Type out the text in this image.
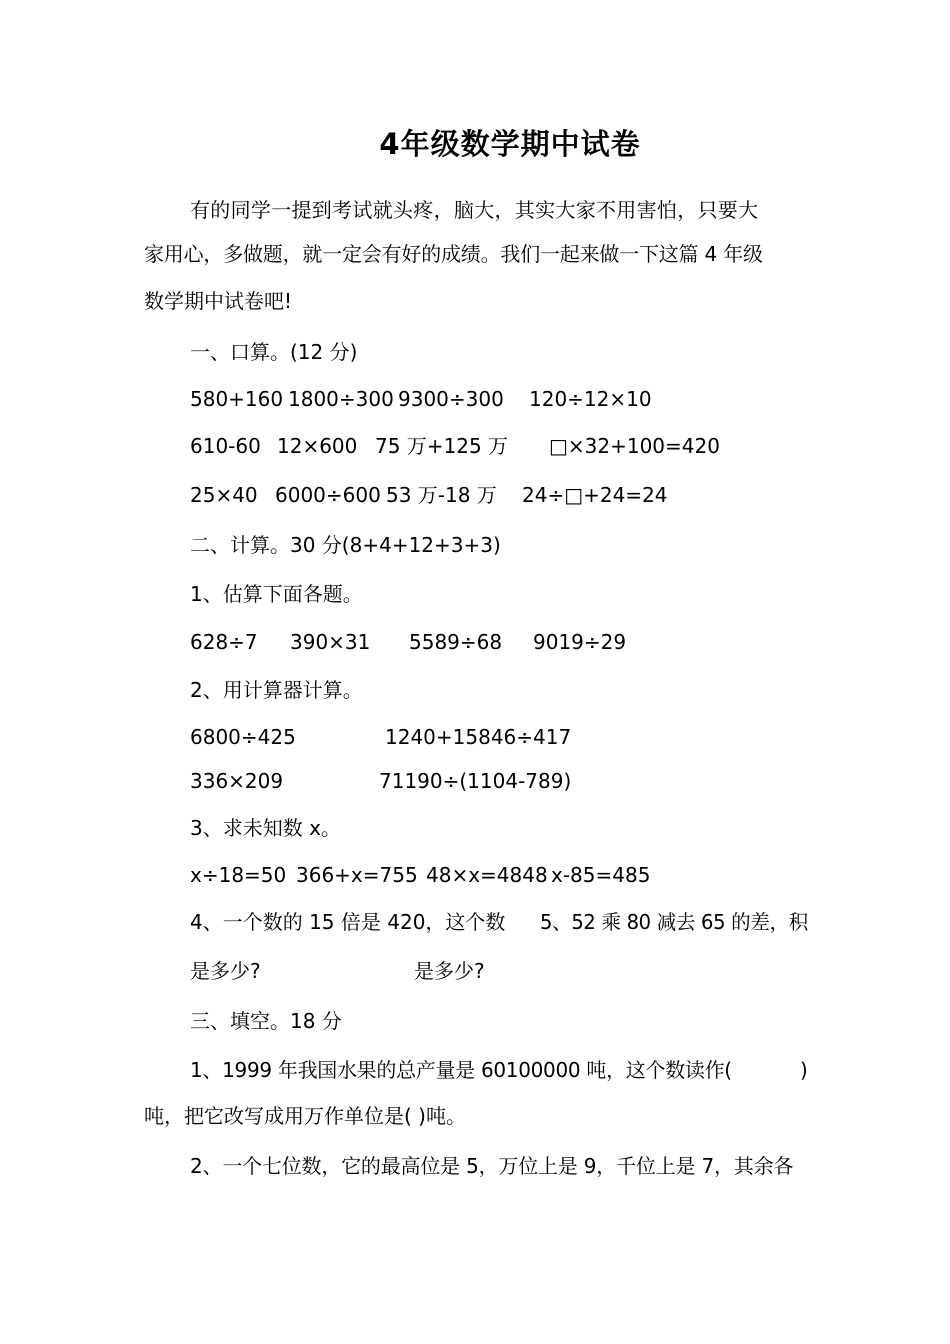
4年级数学期中试卷
有的同学一提到考试就头疼，脑大，其实大家不用害怕，只要大
家用心，多做题，就一定会有好的成绩。我们一起来做一下这篇 4 年级
数学期中试卷吧!
一、口算。(12 分)
580+160 1800÷300 9300÷300 120÷12×10
610-60 12×600 75 万+125 万 □×32+100=420
25×40 6000÷600 53 万-18 万 24÷□+24=24
二、计算。30 分(8+4+12+3+3)
1、估算下面各题。
628÷7 390×31 5589÷68 9019÷29
2、用计算器计算。
6800÷425	1240+15846÷417
336×209	71190÷(1104-789)
3、求未知数 x。
x÷18=50 366+x=755 48×x=4848 x-85=485
4、一个数的 15 倍是 420，这个数 5、52 乘 80 减去 65 的差，积
是多少?	是多少?
三、填空。18 分
1、1999 年我国水果的总产量是 60100000 吨，这个数读作(	)
吨，把它改写成用万作单位是( )吨。
2、一个七位数，它的最高位是 5，万位上是 9，千位上是 7，其余各
